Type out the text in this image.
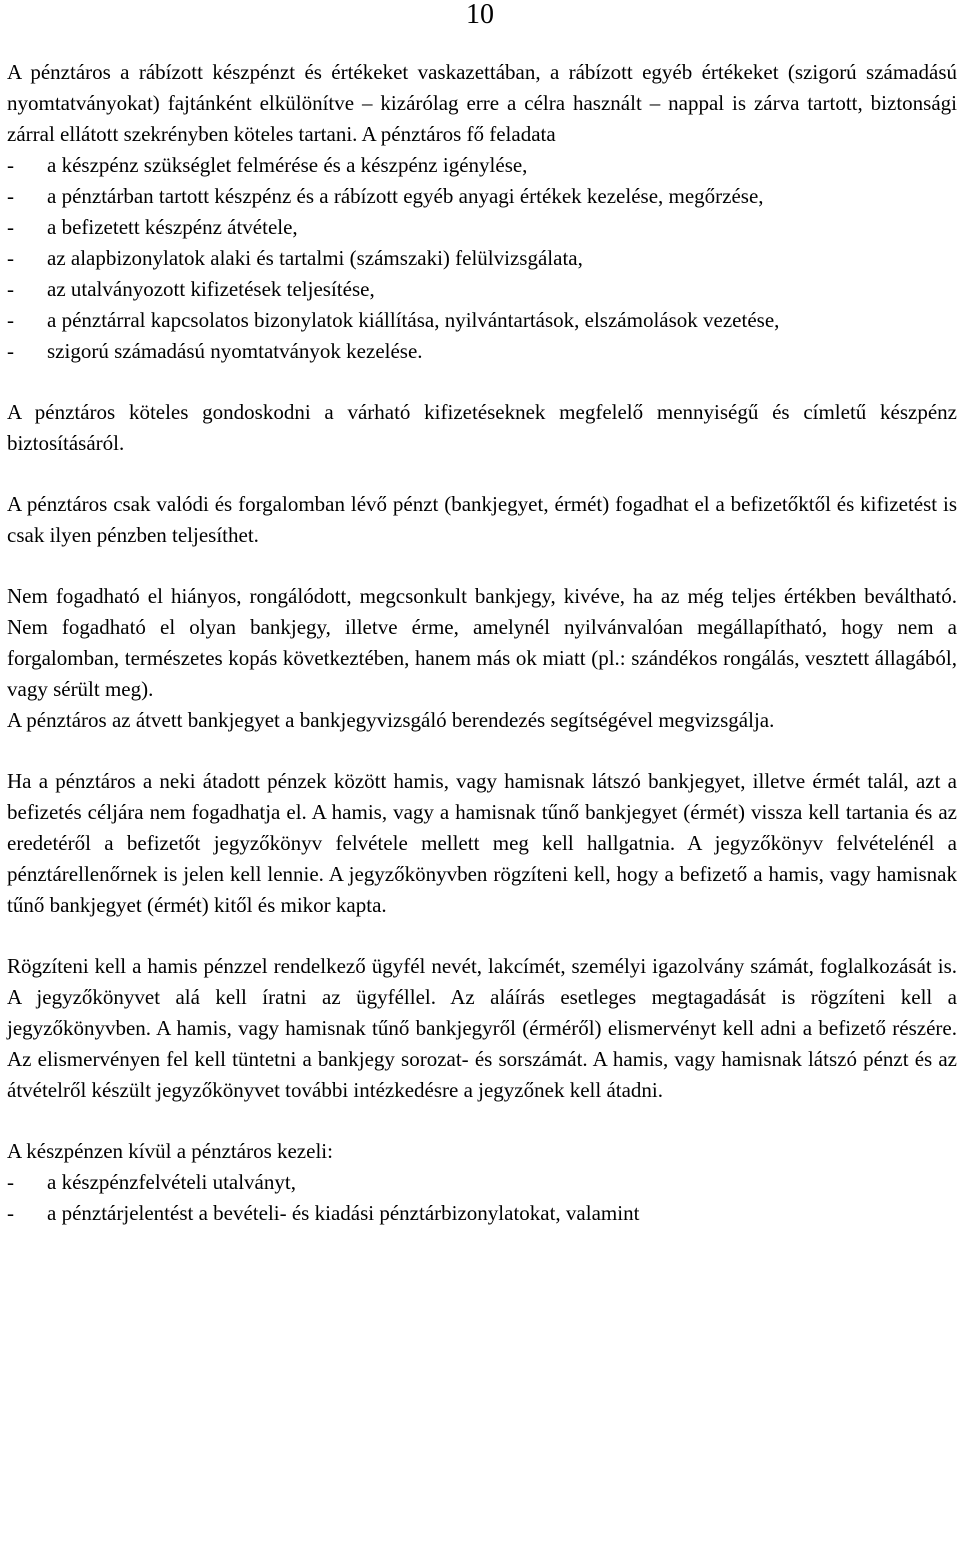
10

A pénztáros a rábízott készpénzt és értékeket vaskazettában, a rábízott egyéb értékeket (szigorú számadású nyomtatványokat) fajtánként elkülönítve – kizárólag erre a célra használt – nappal is zárva tartott, biztonsági zárral ellátott szekrényben köteles tartani. A pénztáros fő feladata

- a készpénz szükséglet felmérése és a készpénz igénylése,
- a pénztárban tartott készpénz és a rábízott egyéb anyagi értékek kezelése, megőrzése,
- a befizetett készpénz átvétele,
- az alapbizonylatok alaki és tartalmi (számszaki) felülvizsgálata,
- az utalványozott kifizetések teljesítése,
- a pénztárral kapcsolatos bizonylatok kiállítása, nyilvántartások, elszámolások vezetése,
- szigorú számadású nyomtatványok kezelése.

A pénztáros köteles gondoskodni a várható kifizetéseknek megfelelő mennyiségű és címletű készpénz biztosításáról.

A pénztáros csak valódi és forgalomban lévő pénzt (bankjegyet, érmét) fogadhat el a befizetőktől és kifizetést is csak ilyen pénzben teljesíthet.

Nem fogadható el hiányos, rongálódott, megcsonkult bankjegy, kivéve, ha az még teljes értékben beváltható. Nem fogadható el olyan bankjegy, illetve érme, amelynél nyilvánvalóan megállapítható, hogy nem a forgalomban, természetes kopás következtében, hanem más ok miatt (pl.: szándékos rongálás, vesztett állagából, vagy sérült meg).

A pénztáros az átvett bankjegyet a bankjegyvizsgáló berendezés segítségével megvizsgálja.

Ha a pénztáros a neki átadott pénzek között hamis, vagy hamisnak látszó bankjegyet, illetve érmét talál, azt a befizetés céljára nem fogadhatja el. A hamis, vagy a hamisnak tűnő bankjegyet (érmét) vissza kell tartania és az eredetéről a befizetőt jegyzőkönyv felvétele mellett meg kell hallgatnia. A jegyzőkönyv felvételénél a pénztárellenőrnek is jelen kell lennie. A jegyzőkönyvben rögzíteni kell, hogy a befizető a hamis, vagy hamisnak tűnő bankjegyet (érmét) kitől és mikor kapta.

Rögzíteni kell a hamis pénzzel rendelkező ügyfél nevét, lakcímét, személyi igazolvány számát, foglalkozását is. A jegyzőkönyvet alá kell íratni az ügyféllel. Az aláírás esetleges megtagadását is rögzíteni kell a jegyzőkönyvben. A hamis, vagy hamisnak tűnő bankjegyről (érméről) elismervényt kell adni a befizető részére. Az elismervényen fel kell tüntetni a bankjegy sorozat- és sorszámát. A hamis, vagy hamisnak látszó pénzt és az átvételről készült jegyzőkönyvet további intézkedésre a jegyzőnek kell átadni.

A készpénzen kívül a pénztáros kezeli:

- a készpénzfelvételi utalványt,
- a pénztárjelentést a bevételi- és kiadási pénztárbizonylatokat, valamint
